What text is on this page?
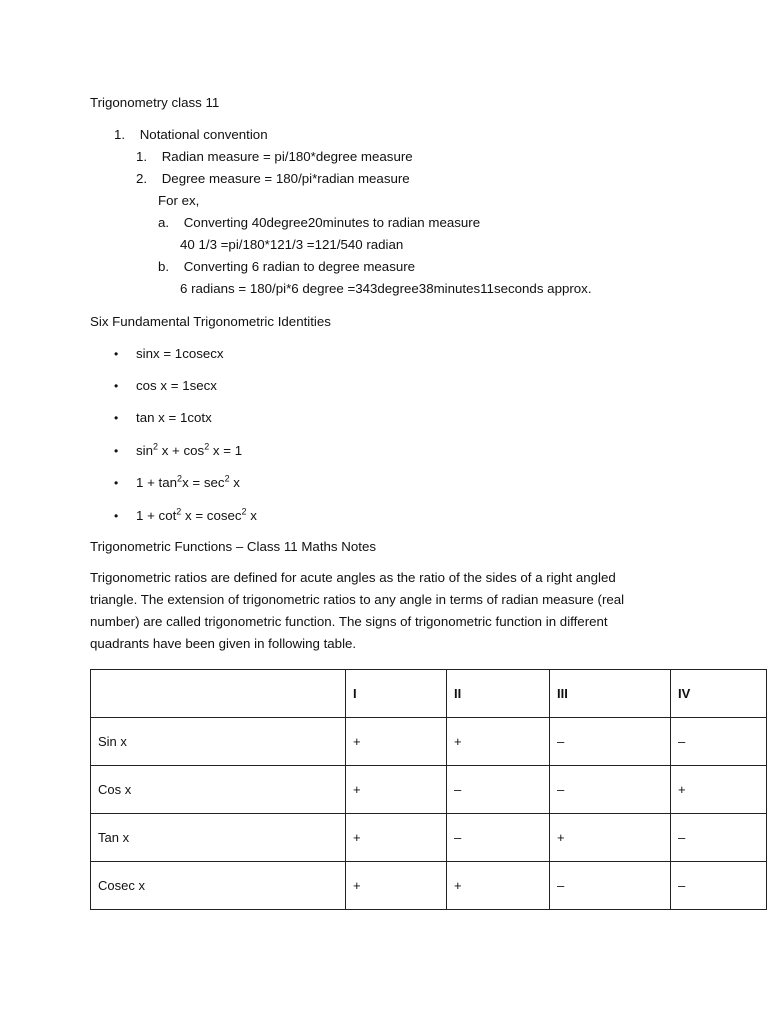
Trigonometry class 11
1. Notational convention
1. Radian measure = pi/180*degree measure
2. Degree measure = 180/pi*radian measure
For ex,
a. Converting 40degree20minutes to radian measure
40 1/3 =pi/180*121/3 =121/540 radian
b. Converting 6 radian to degree measure
6 radians = 180/pi*6 degree =343degree38minutes11seconds approx.
Six Fundamental Trigonometric Identities
• sinx = 1cosecx
• cos x = 1secx
• tan x = 1cotx
• $\sin^2 x + \cos^2 x = 1$
• $1 + \tan^2x = \sec^2 x$
• $1 + \cot^2 x = cosec^2$ x
Trigonometric Functions – Class 11 Maths Notes
Trigonometric ratios are defined for acute angles as the ratio of the sides of a right angled triangle. The extension of trigonometric ratios to any angle in terms of radian measure (real number) are called trigonometric function. The signs of trigonometric function in different quadrants have been given in following table.
	I	II	III	IV
Sin x	+	+	–	–
Cos x	+	–	–	+
Tan x	+	–	+	–
Cosec x	+	+	–	–
